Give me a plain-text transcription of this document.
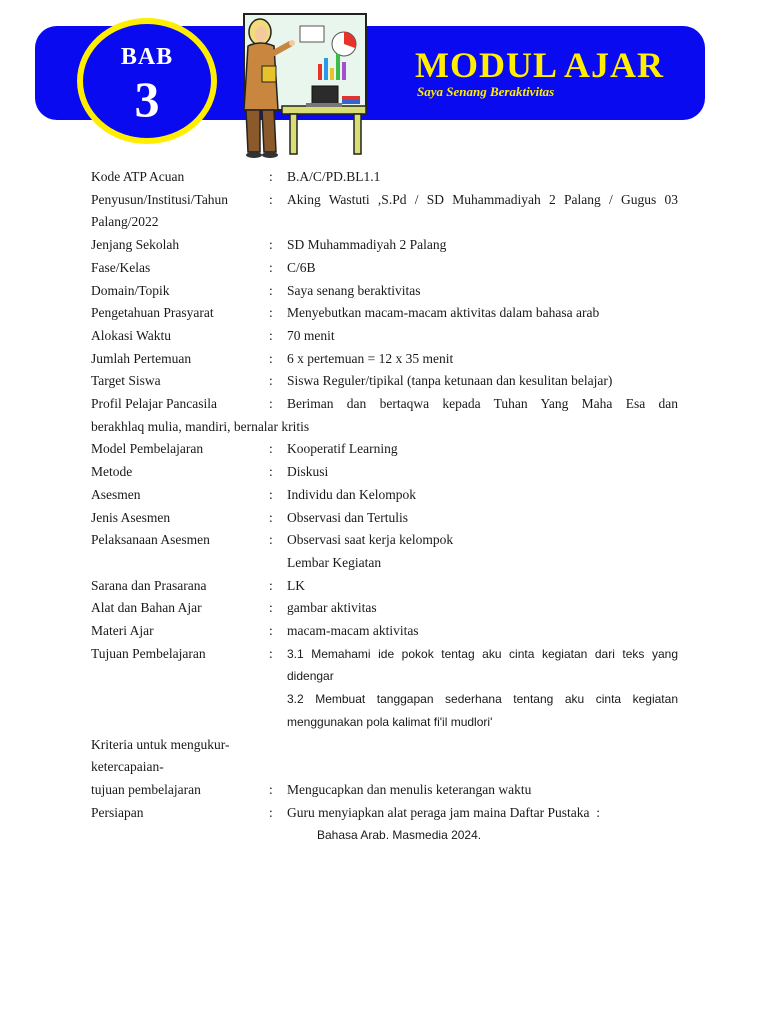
BAB
3
MODUL AJAR
Saya Senang Beraktivitas
Kode ATP Acuan	:	B.A/C/PD.BL1.1
Penyusun/Institusi/Tahun	:	Aking Wastuti ,S.Pd / SD Muhammadiyah 2 Palang / Gugus 03
Palang/2022
Jenjang Sekolah	:	SD Muhammadiyah 2 Palang
Fase/Kelas	:	C/6B
Domain/Topik	:	Saya senang beraktivitas
Pengetahuan Prasyarat	:	Menyebutkan macam-macam aktivitas dalam bahasa arab
Alokasi Waktu	:	70 menit
Jumlah Pertemuan	:	6 x pertemuan = 12 x 35 menit
Target Siswa	:	Siswa Reguler/tipikal (tanpa ketunaan dan kesulitan belajar)
Profil Pelajar Pancasila	:	Beriman dan bertaqwa kepada Tuhan Yang Maha Esa dan
berakhlaq mulia, mandiri, bernalar kritis
Model Pembelajaran	:	Kooperatif Learning
Metode	:	Diskusi
Asesmen	:	Individu dan Kelompok
Jenis Asesmen	:	Observasi dan Tertulis
Pelaksanaan Asesmen	:	Observasi saat kerja kelompok
Lembar Kegiatan
Sarana dan Prasarana	:	LK
Alat dan Bahan Ajar	:	gambar aktivitas
Materi Ajar	:	macam-macam aktivitas
Tujuan Pembelajaran	:	3.1 Memahami ide pokok tentag aku cinta kegiatan dari teks yang
didengar
3.2 Membuat tanggapan sederhana tentang aku cinta kegiatan
menggunakan pola kalimat fi'il mudlori'
Kriteria untuk mengukur-
ketercapaian-
tujuan pembelajaran	:	Mengucapkan dan menulis keterangan waktu
Persiapan	:	Guru menyiapkan alat peraga jam maina Daftar Pustaka  :
Bahasa Arab. Masmedia 2024.
